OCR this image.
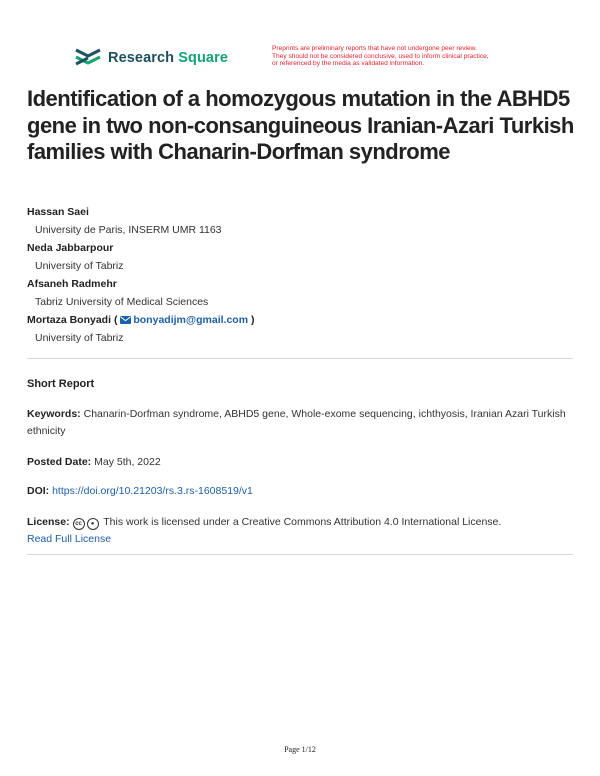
Research Square
Preprints are preliminary reports that have not undergone peer review.
They should not be considered conclusive, used to inform clinical practice,
or referenced by the media as validated information.
Identification of a homozygous mutation in the ABHD5 gene in two non-consanguineous Iranian-Azari Turkish families with Chanarin-Dorfman syndrome
Hassan Saei
University de Paris, INSERM UMR 1163
Neda Jabbarpour
University of Tabriz
Afsaneh Radmehr
Tabriz University of Medical Sciences
Mortaza Bonyadi ( bonyadijm@gmail.com )
University of Tabriz
Short Report
Keywords: Chanarin-Dorfman syndrome, ABHD5 gene, Whole-exome sequencing, ichthyosis, Iranian Azari Turkish ethnicity
Posted Date: May 5th, 2022
DOI: https://doi.org/10.21203/rs.3.rs-1608519/v1
License: cc ● This work is licensed under a Creative Commons Attribution 4.0 International License.
Read Full License
Page 1/12
